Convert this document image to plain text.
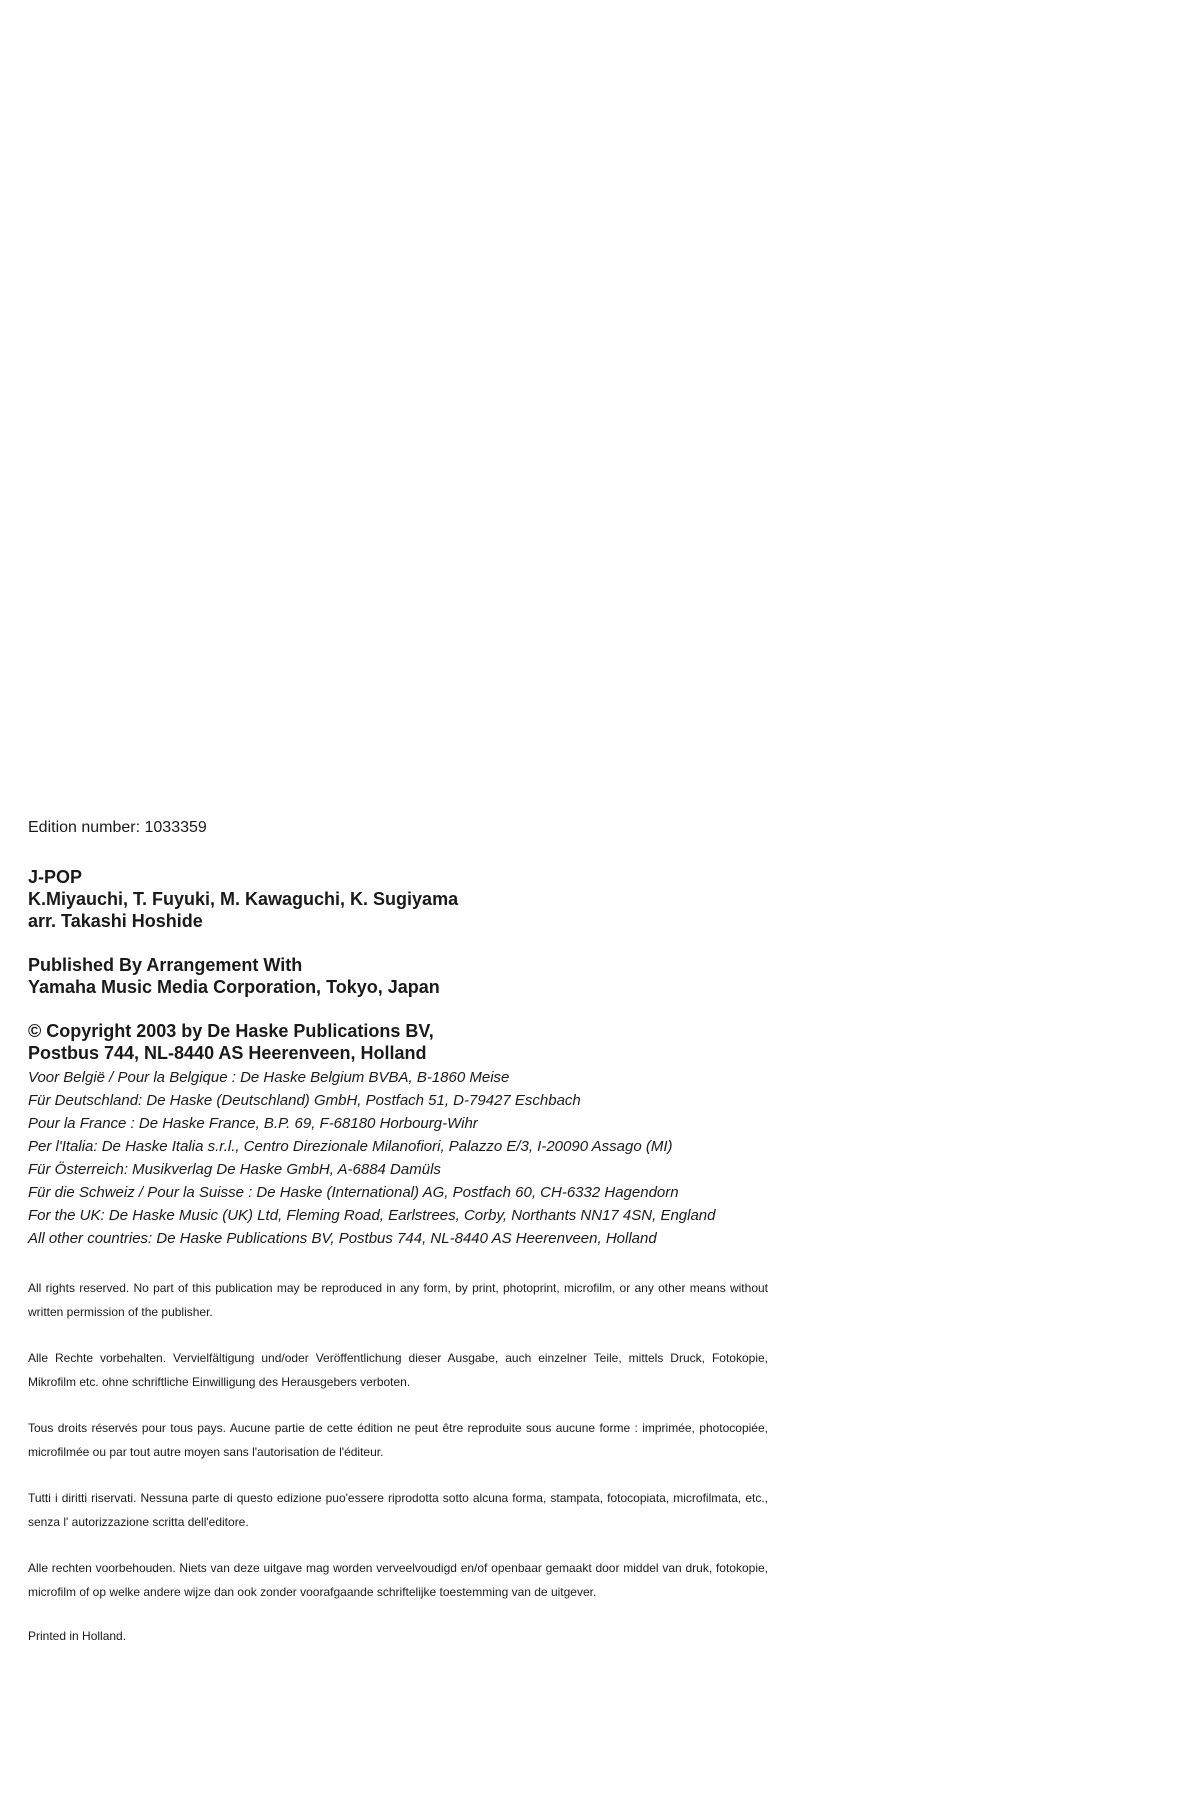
Edition number: 1033359

J-POP

K.Miyauchi, T. Fuyuki, M. Kawaguchi, K. Sugiyama

arr. Takashi Hoshide

Published By Arrangement With

Yamaha Music Media Corporation, Tokyo, Japan

© Copyright 2003 by De Haske Publications BV,

Postbus 744, NL-8440 AS Heerenveen, Holland

Voor België / Pour la Belgique : De Haske Belgium BVBA, B-1860 Meise
Für Deutschland: De Haske (Deutschland) GmbH, Postfach 51, D-79427 Eschbach
Pour la France : De Haske France, B.P. 69, F-68180 Horbourg-Wihr
Per l'Italia: De Haske Italia s.r.l., Centro Direzionale Milanofiori, Palazzo E/3, I-20090 Assago (MI)
Für Österreich: Musikverlag De Haske GmbH, A-6884 Damüls
Für die Schweiz / Pour la Suisse : De Haske (International) AG, Postfach 60, CH-6332 Hagendorn
For the UK: De Haske Music (UK) Ltd, Fleming Road, Earlstrees, Corby, Northants NN17 4SN, England
All other countries: De Haske Publications BV, Postbus 744, NL-8440 AS Heerenveen, Holland

All rights reserved. No part of this publication may be reproduced in any form, by print, photoprint, microfilm, or any other means without written permission of the publisher.

Alle Rechte vorbehalten. Vervielfältigung und/oder Veröffentlichung dieser Ausgabe, auch einzelner Teile, mittels Druck, Fotokopie, Mikrofilm etc. ohne schriftliche Einwilligung des Herausgebers verboten.

Tous droits réservés pour tous pays. Aucune partie de cette édition ne peut être reproduite sous aucune forme : imprimée, photocopiée, microfilmée ou par tout autre moyen sans l'autorisation de l'éditeur.

Tutti i diritti riservati. Nessuna parte di questo edizione puo'essere riprodotta sotto alcuna forma, stampata, fotocopiata, microfilmata, etc., senza l' autorizzazione scritta dell'editore.

Alle rechten voorbehouden. Niets van deze uitgave mag worden verveelvoudigd en/of openbaar gemaakt door middel van druk, fotokopie, microfilm of op welke andere wijze dan ook zonder voorafgaande schriftelijke toestemming van de uitgever.

Printed in Holland.
